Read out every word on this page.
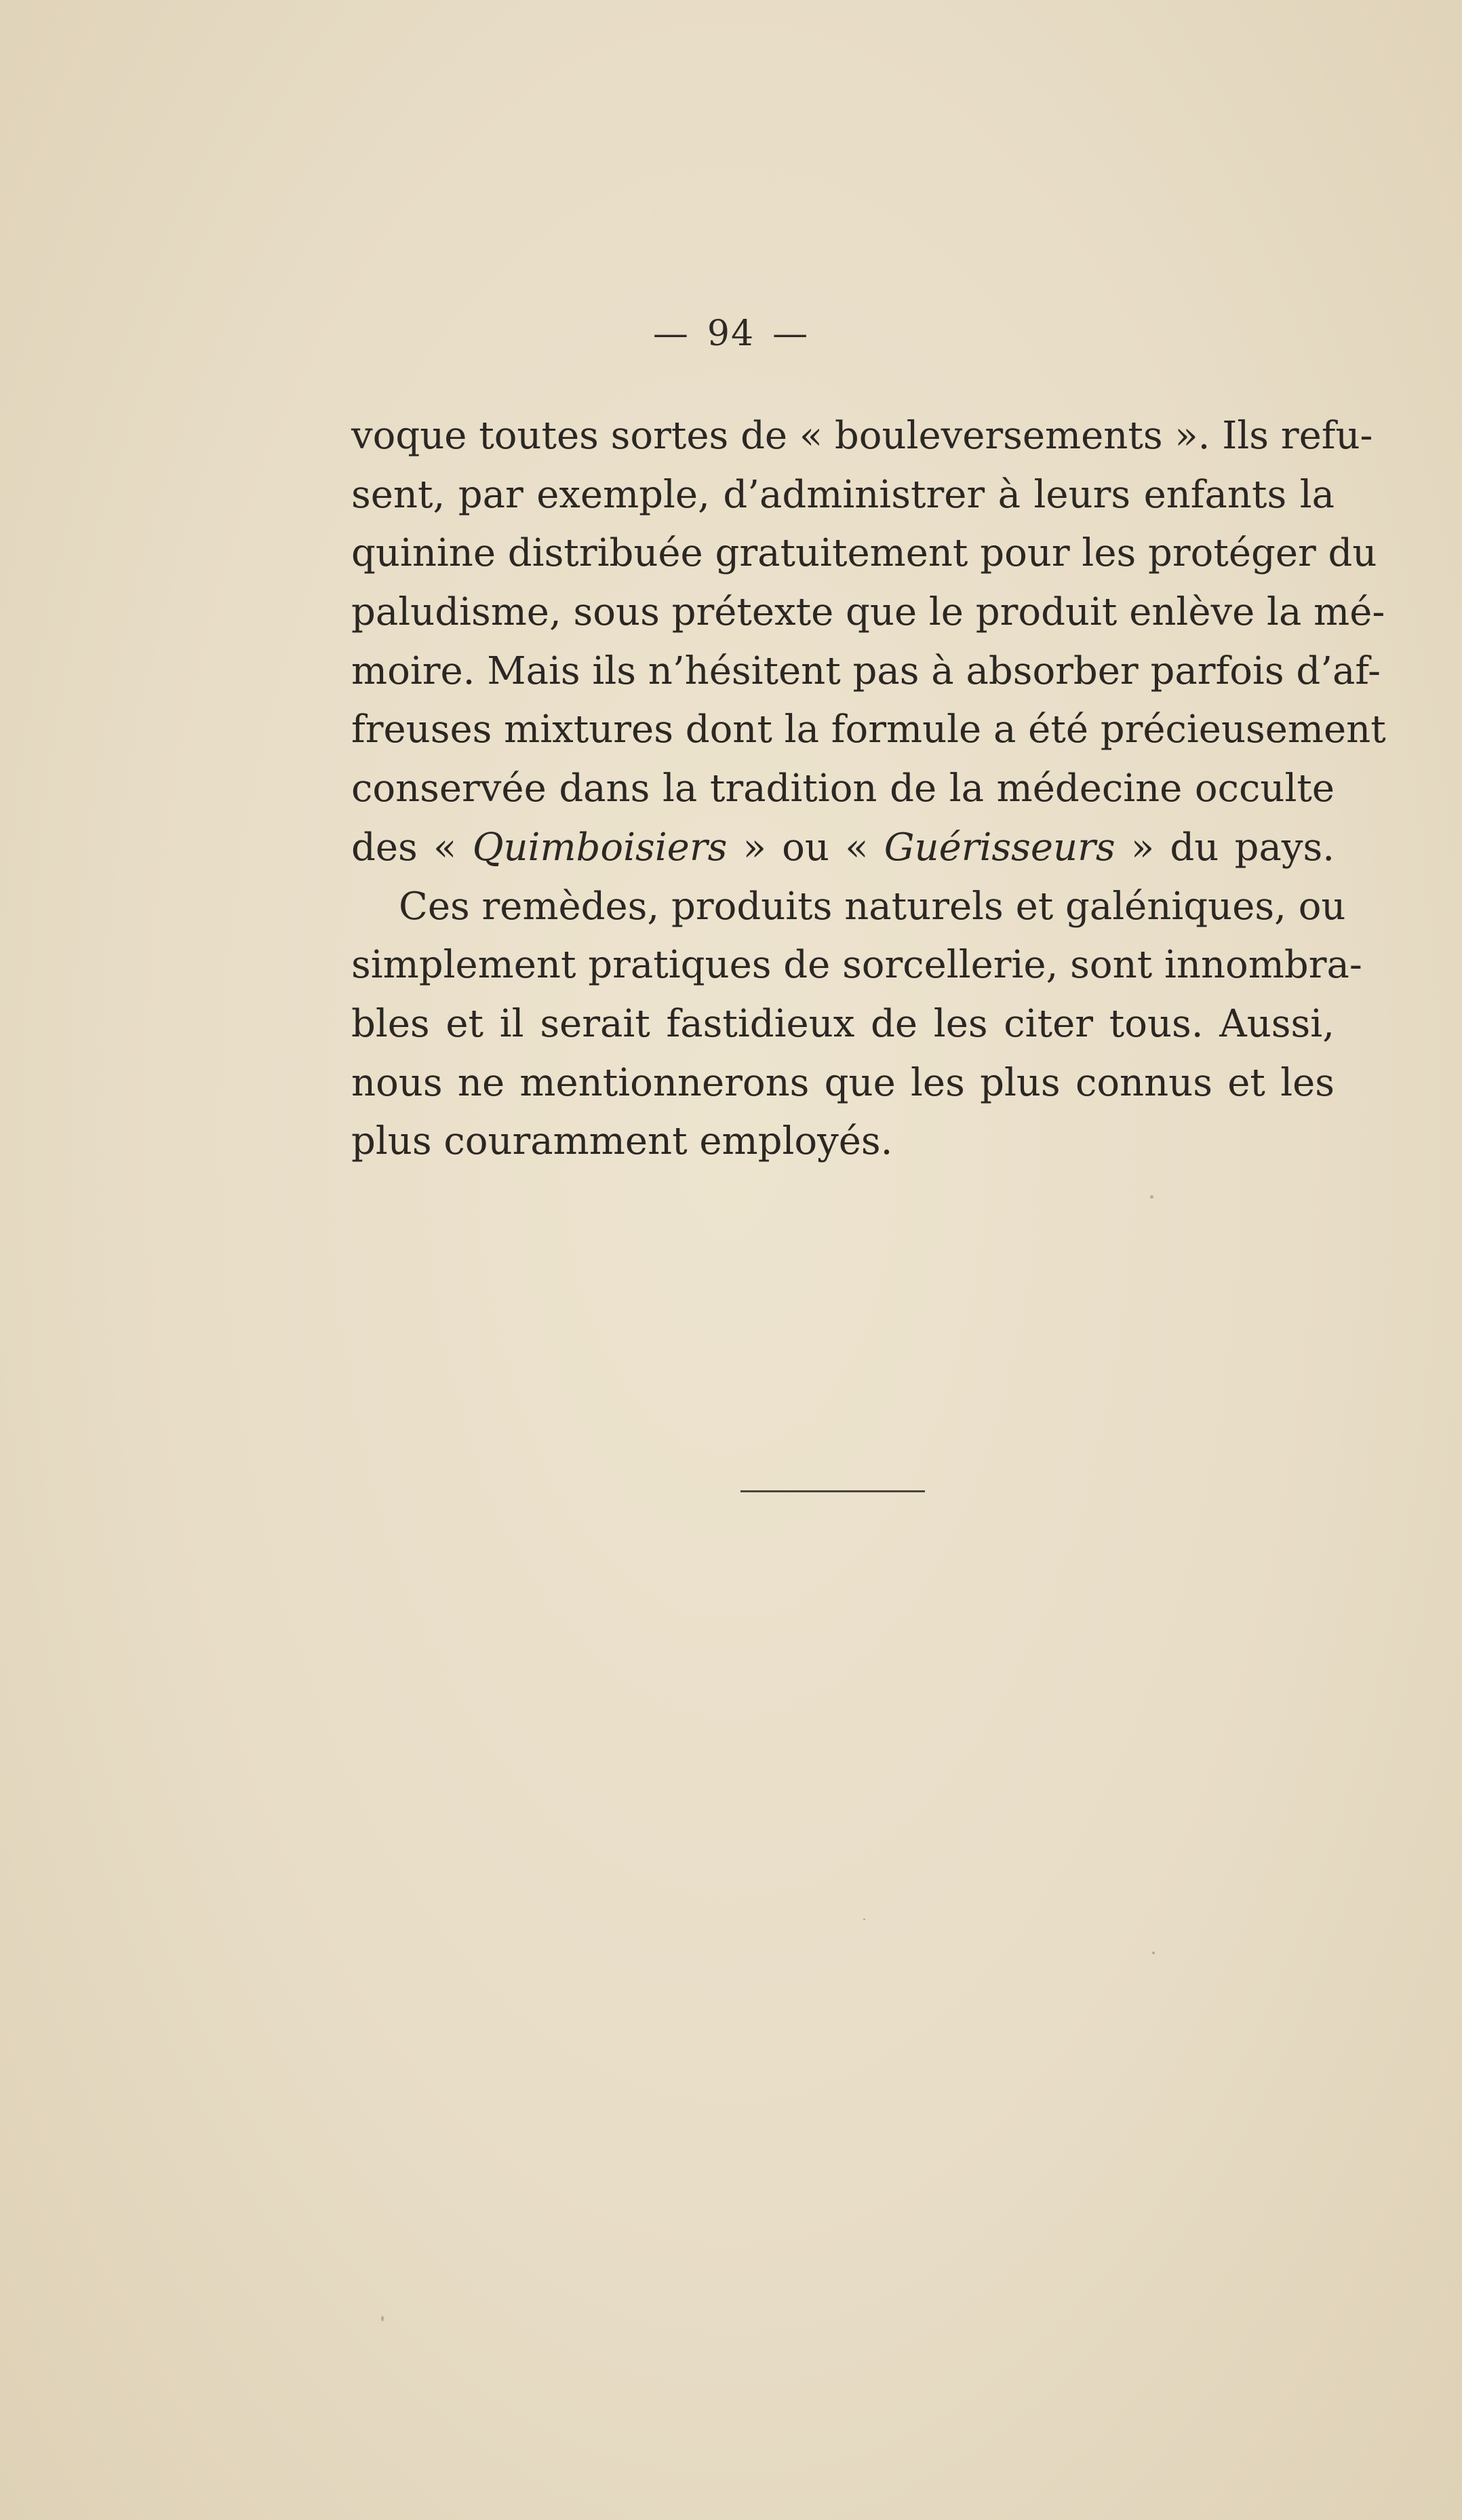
— 94 —
voque toutes sortes de « bouleversements ». Ils refu-
sent, par exemple, d’administrer à leurs enfants la
quinine distribuée gratuitement pour les protéger du
paludisme, sous prétexte que le produit enlève la mé-
moire. Mais ils n’hésitent pas à absorber parfois d’af-
freuses mixtures dont la formule a été précieusement
conservée dans la tradition de la médecine occulte
des « Quimboisiers » ou « Guérisseurs » du pays.
Ces remèdes, produits naturels et galéniques, ou
simplement pratiques de sorcellerie, sont innombra-
bles et il serait fastidieux de les citer tous. Aussi,
nous ne mentionnerons que les plus connus et les
plus couramment employés.
